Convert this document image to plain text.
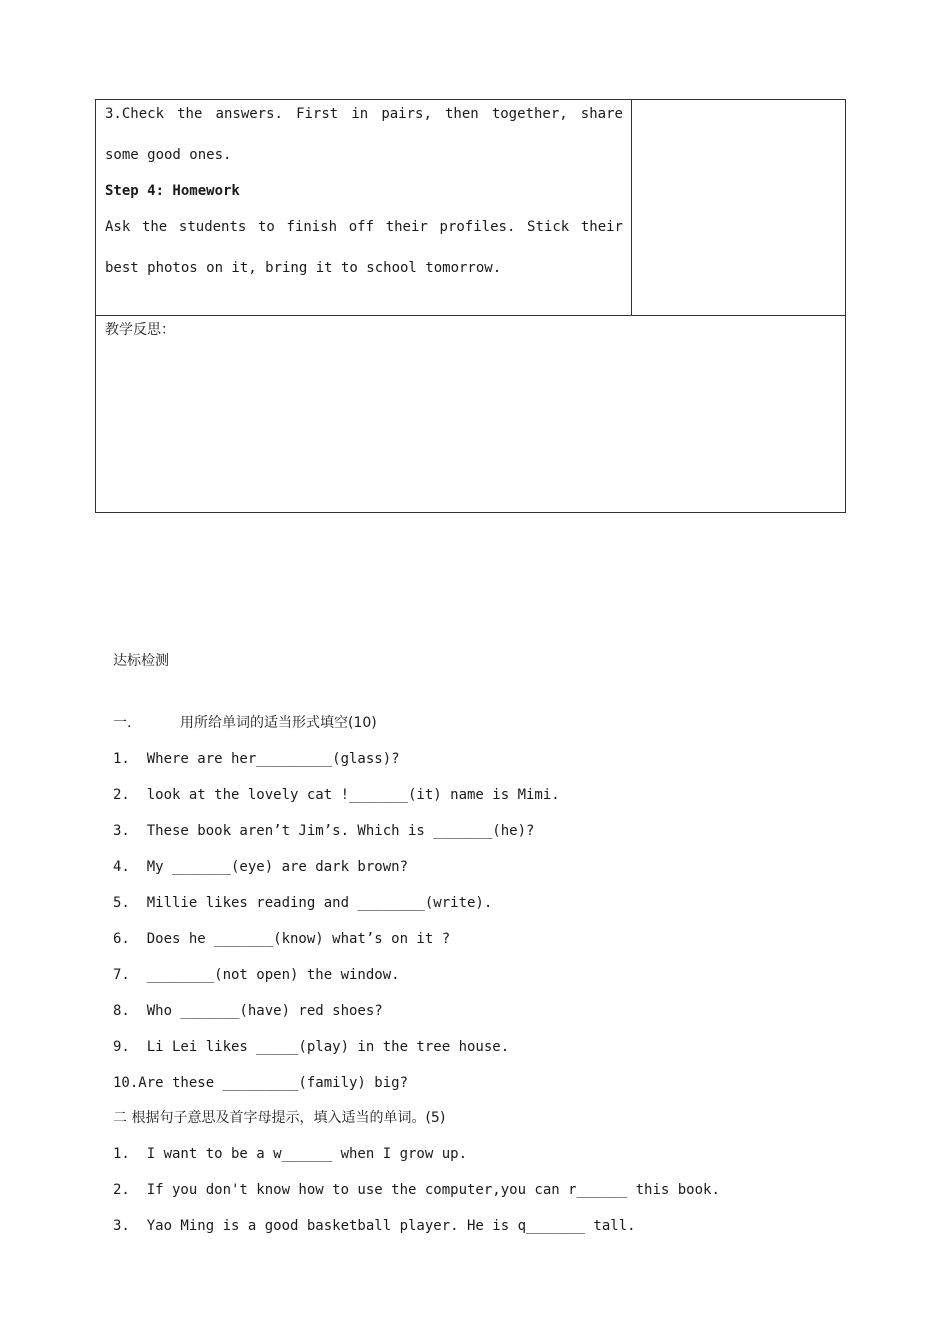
3.Check the answers. First in pairs, then together, share
some good ones.
Step 4: Homework
Ask the students to finish off their profiles. Stick their
best photos on it, bring it to school tomorrow.
教学反思：
达标检测
一.	用所给单词的适当形式填空(10)
1.  Where are her_________(glass)?
2.  look at the lovely cat !_______(it) name is Mimi.
3.  These book aren’t Jim’s. Which is _______(he)?
4.  My _______(eye) are dark brown?
5.  Millie likes reading and ________(write).
6.  Does he _______(know) what’s on it ?
7.  ________(not open) the window.
8.  Who _______(have) red shoes?
9.  Li Lei likes _____(play) in the tree house.
10.Are these _________(family) big?
二 根据句子意思及首字母提示，填入适当的单词。(5)
1.  I want to be a w______ when I grow up.
2.  If you don't know how to use the computer,you can r______ this book.
3.  Yao Ming is a good basketball player. He is q_______ tall.
